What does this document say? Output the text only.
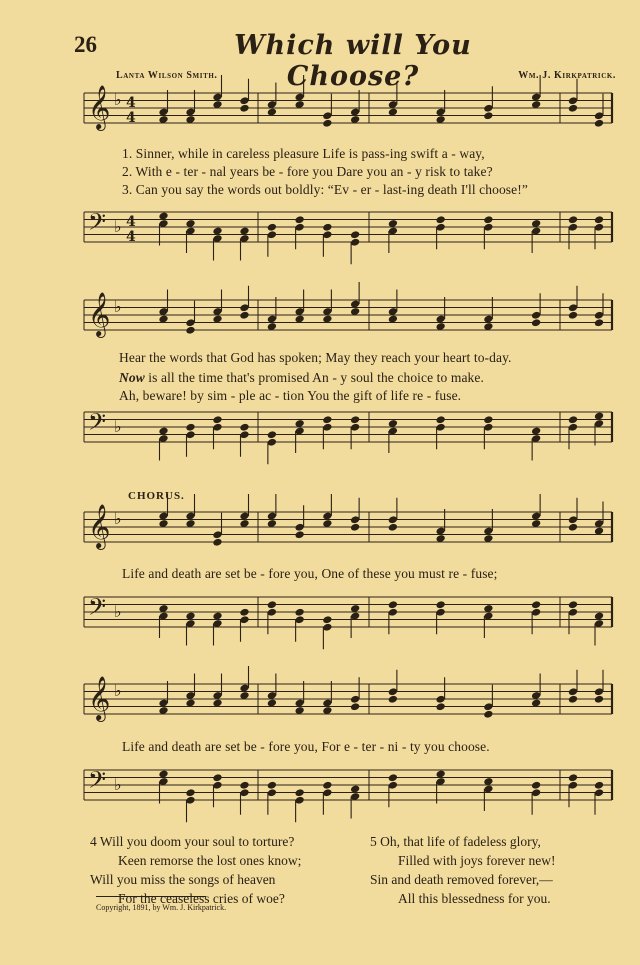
26	Which will You Choose?
Lanta Wilson Smith.	Wm. J. Kirkpatrick.
𝄞 ♭ 4
4
𝄢 ♭ 4
4
𝄞 ♭
𝄢 ♭
𝄞 ♭
𝄢 ♭
𝄞 ♭
𝄢 ♭
1. Sinner, while in careless pleasure Life is pass-ing swift a - way,
2. With e - ter - nal years be - fore you Dare you an - y risk to take?
3. Can you say the words out boldly: “Ev - er - last-ing death I'll choose!”
Hear the words that God has spoken; May they reach your heart to-day.
Now is all the time that's promised An - y soul the choice to make.
Ah, beware! by sim - ple ac - tion You the gift of life re - fuse.
CHORUS.
Life and death are set be - fore you, One of these you must re - fuse;
Life and death are set be - fore you, For e - ter - ni - ty you choose.
4 Will you doom your soul to torture?
Keen remorse the lost ones know;
Will you miss the songs of heaven
For the ceaseless cries of woe?
5 Oh, that life of fadeless glory,
Filled with joys forever new!
Sin and death removed forever,—
All this blessedness for you.
Copyright, 1891, by Wm. J. Kirkpatrick.
